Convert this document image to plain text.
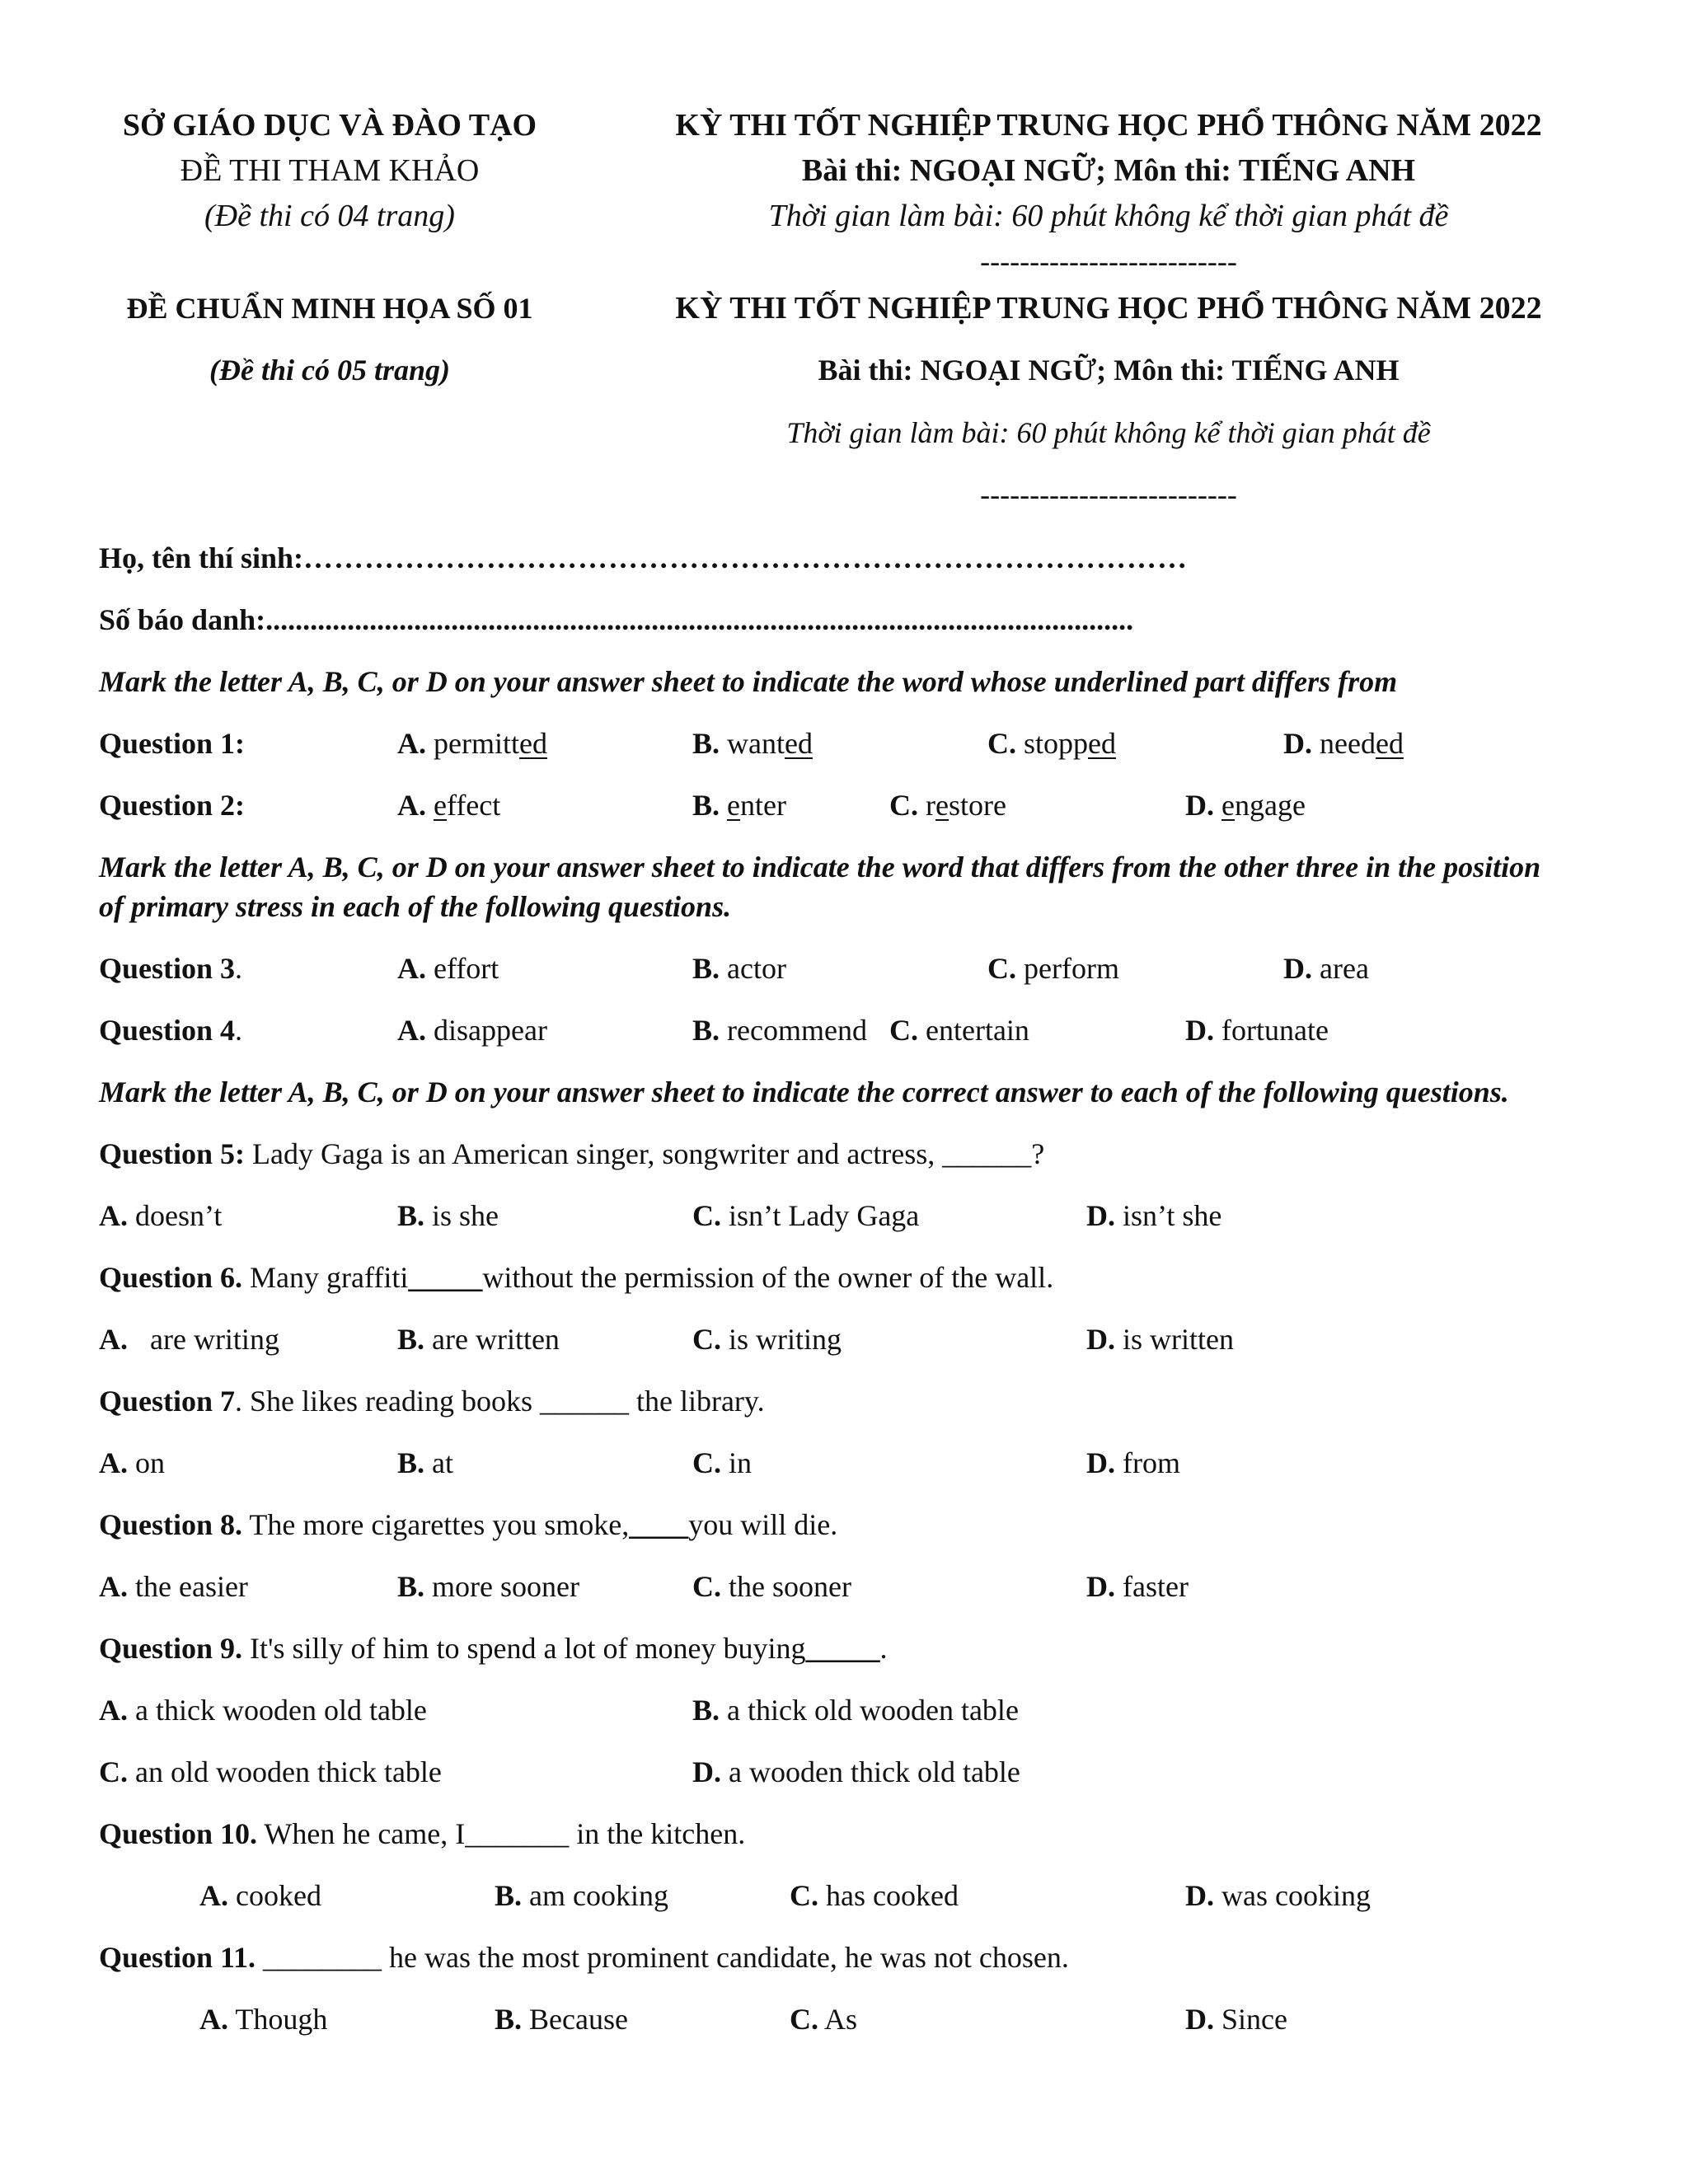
SỞ GIÁO DỤC VÀ ĐÀO TẠO
ĐỀ THI THAM KHẢO
(Đề thi có 04 trang)
KỲ THI TỐT NGHIỆP TRUNG HỌC PHỔ THÔNG NĂM 2022
Bài thi: NGOẠI NGỮ; Môn thi: TIẾNG ANH
Thời gian làm bài: 60 phút không kể thời gian phát đề
--------------------------
ĐỀ CHUẨN MINH HỌA SỐ 01
(Đề thi có 05 trang)
KỲ THI TỐT NGHIỆP TRUNG HỌC PHỔ THÔNG NĂM 2022
Bài thi: NGOẠI NGỮ; Môn thi: TIẾNG ANH
Thời gian làm bài: 60 phút không kể thời gian phát đề
--------------------------
Họ, tên thí sinh:……………………………………………………………………………
Số báo danh:.....................................................................................................................
Mark the letter A, B, C, or D on your answer sheet to indicate the word whose underlined part differs from
Question 1:	A. permitted	B. wanted	C. stopped	D. needed
Question 2:	A. effect	B. enter	C. restore	D. engage
Mark the letter A, B, C, or D on your answer sheet to indicate the word that differs from the other three in the position
of primary stress in each of the following questions.
Question 3.	A. effort	B. actor	C. perform	D. area
Question 4.	A. disappear	B. recommend C. entertain	D. fortunate
Mark the letter A, B, C, or D on your answer sheet to indicate the correct answer to each of the following questions.
Question 5: Lady Gaga is an American singer, songwriter and actress, ______?
A. doesn’t	B. is she	C. isn’t Lady Gaga	D. isn’t she
Question 6. Many graffiti_____without the permission of the owner of the wall.
A. are writing	B. are written	C. is writing	D. is written
Question 7. She likes reading books ______ the library.
A. on	B. at	C. in	D. from
Question 8. The more cigarettes you smoke,____you will die.
A. the easier	B. more sooner	C. the sooner	D. faster
Question 9. It's silly of him to spend a lot of money buying_____.
A. a thick wooden old table	B. a thick old wooden table
C. an old wooden thick table	D. a wooden thick old table
Question 10. When he came, I_______ in the kitchen.
A. cooked	B. am cooking	C. has cooked	D. was cooking
Question 11. ________ he was the most prominent candidate, he was not chosen.
A. Though	B. Because	C. As	D. Since
